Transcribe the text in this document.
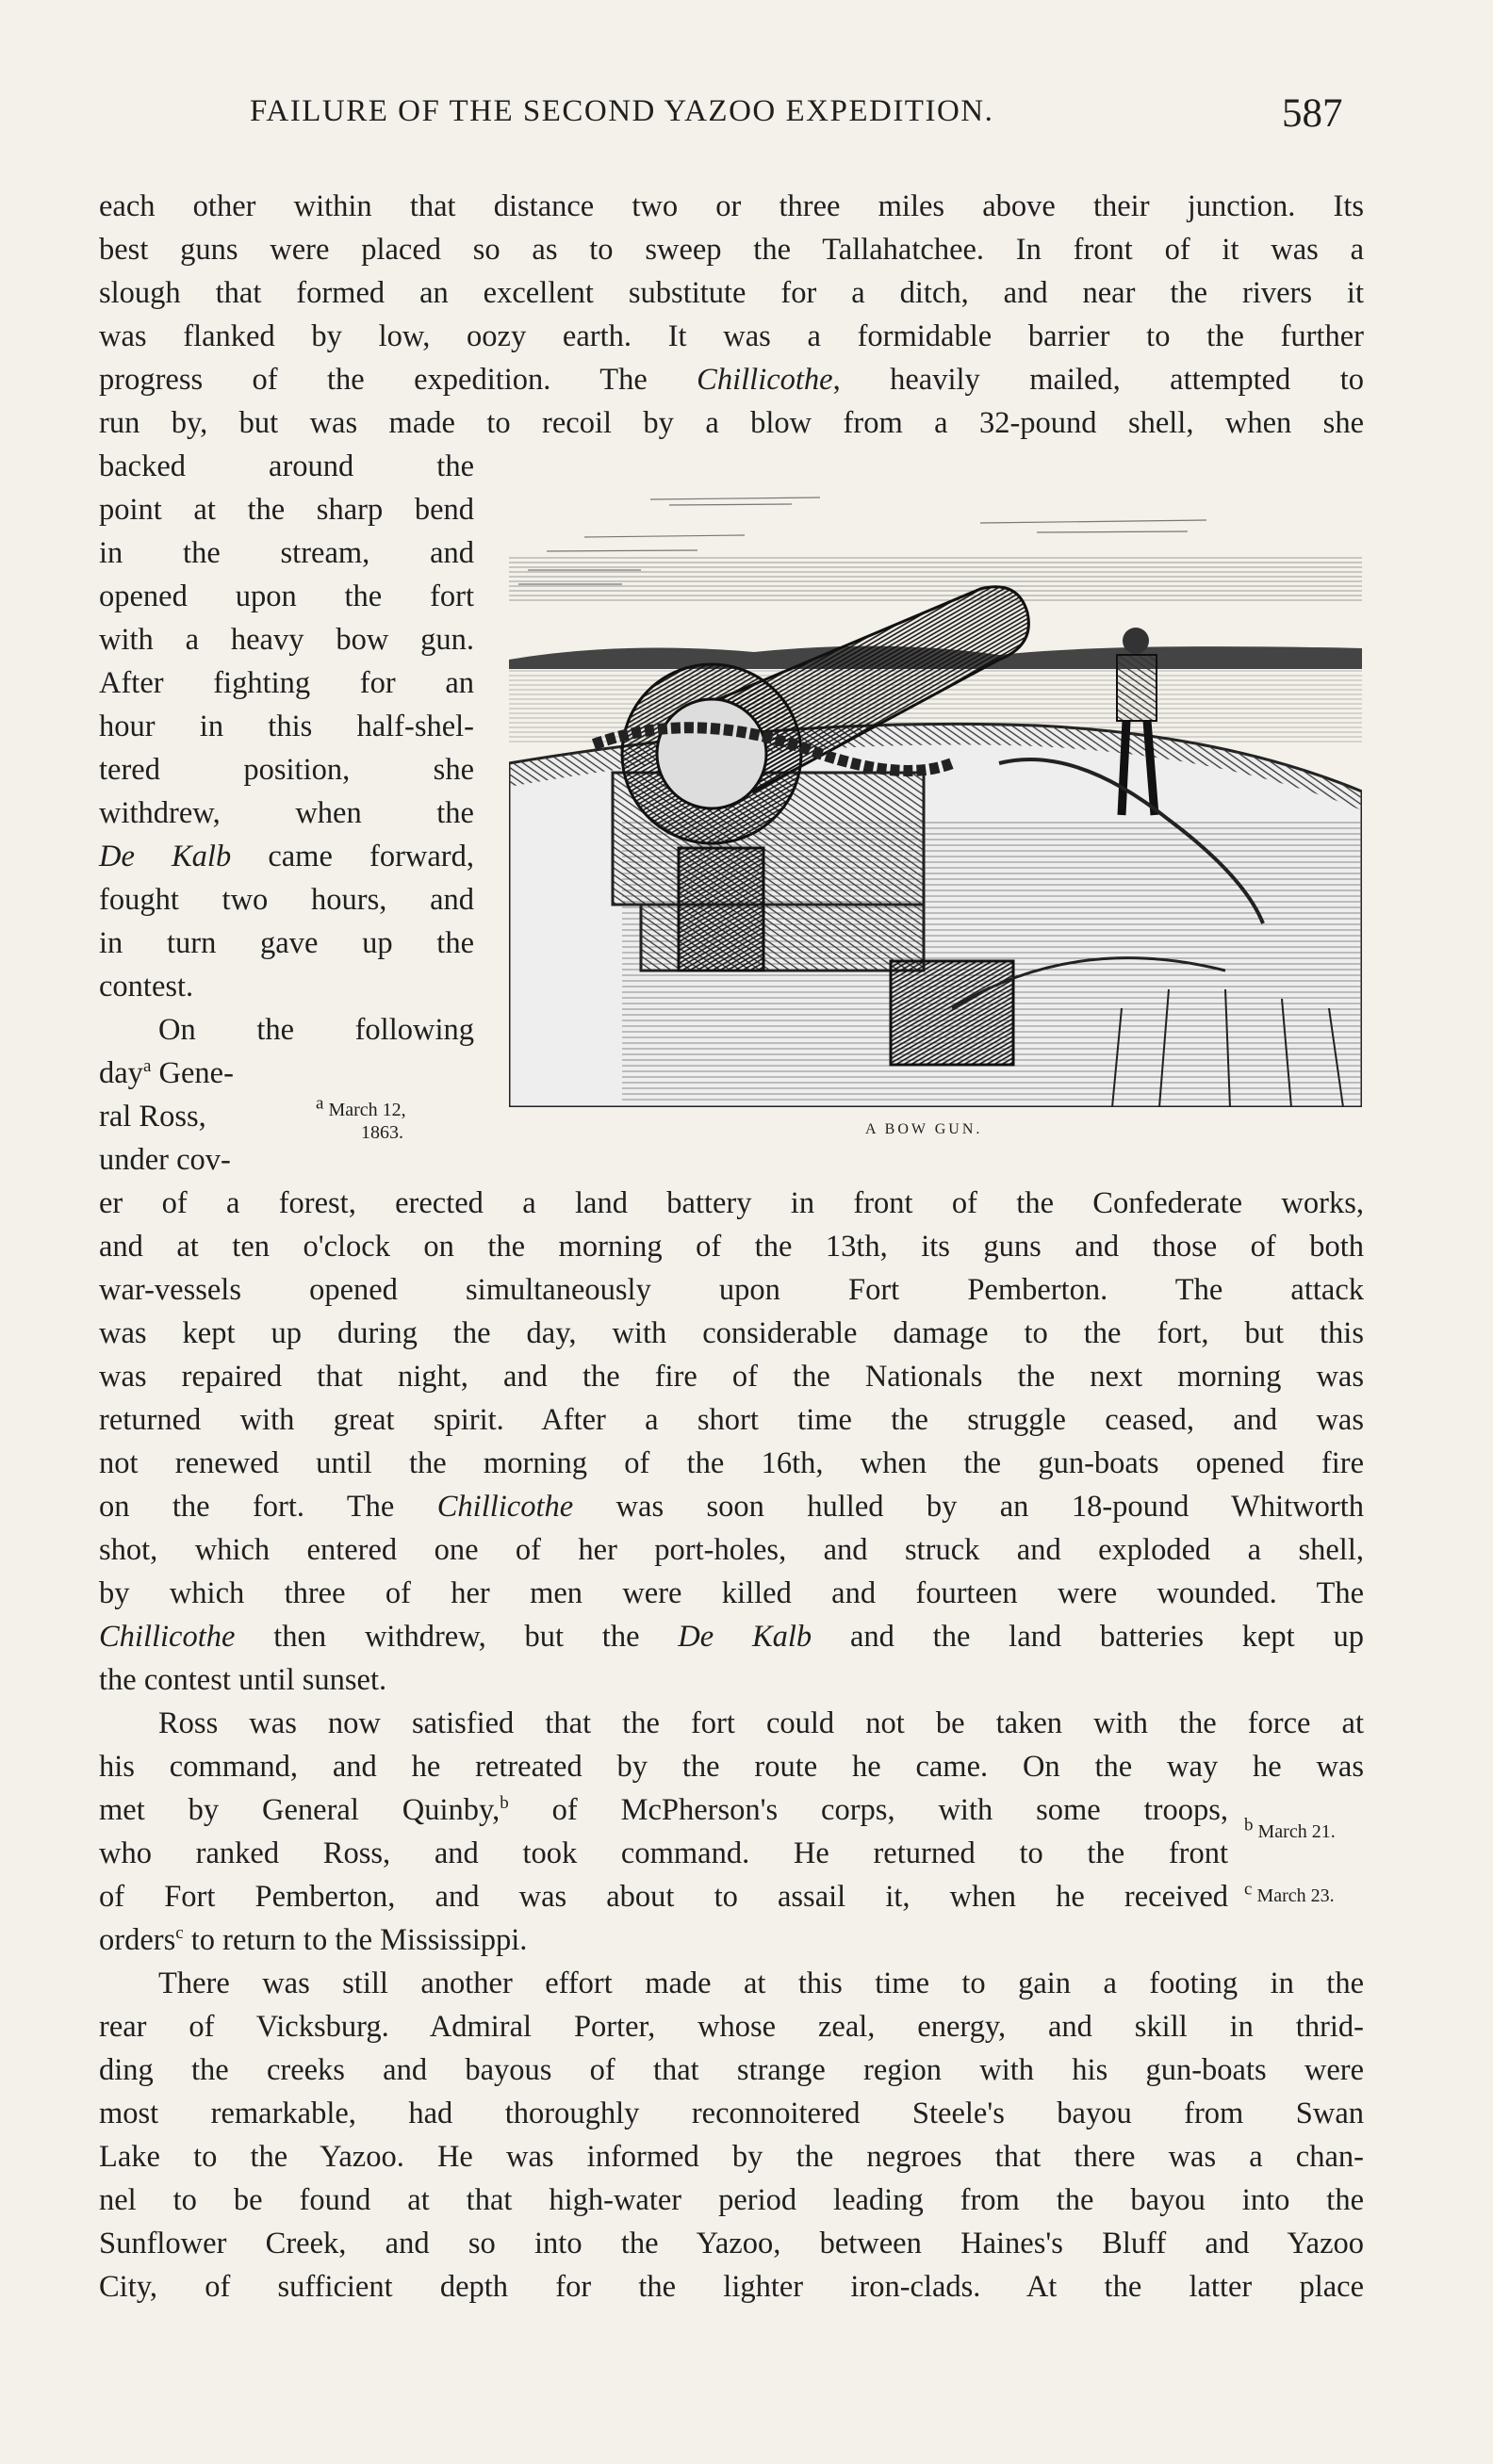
FAILURE OF THE SECOND YAZOO EXPEDITION.	587
each other within that distance two or three miles above their junction. Its
best guns were placed so as to sweep the Tallahatchee. In front of it was a
slough that formed an excellent substitute for a ditch, and near the rivers it
was flanked by low, oozy earth. It was a formidable barrier to the further
progress of the expedition. The Chillicothe, heavily mailed, attempted to
run by, but was made to recoil by a blow from a 32-pound shell, when she
backed around the
point at the sharp bend
in the stream, and
opened upon the fort
with a heavy bow gun.
After fighting for an
hour in this half-shel-
tered position, she
withdrew, when the
De Kalb came forward,
fought two hours, and
in turn gave up the
contest.
On the following
day$^a$ Gene-
ral Ross,
under cov-
$^a$ March 12,
1863.	A BOW GUN.
er of a forest, erected a land battery in front of the Confederate works,
and at ten o'clock on the morning of the 13th, its guns and those of both
war-vessels opened simultaneously upon Fort Pemberton. The attack
was kept up during the day, with considerable damage to the fort, but this
was repaired that night, and the fire of the Nationals the next morning was
returned with great spirit. After a short time the struggle ceased, and was
not renewed until the morning of the 16th, when the gun-boats opened fire
on the fort. The Chillicothe was soon hulled by an 18-pound Whitworth
shot, which entered one of her port-holes, and struck and exploded a shell,
by which three of her men were killed and fourteen were wounded. The
Chillicothe then withdrew, but the De Kalb and the land batteries kept up
the contest until sunset.
Ross was now satisfied that the fort could not be taken with the force at
his command, and he retreated by the route he came. On the way he was
met by General Quinby,$^b$ of McPherson's corps, with some troops,
who ranked Ross, and took command. He returned to the front
of Fort Pemberton, and was about to assail it, when he received
orders$^c$ to return to the Mississippi.
$^b$ March 21.
$^c$ March 23.
There was still another effort made at this time to gain a footing in the
rear of Vicksburg. Admiral Porter, whose zeal, energy, and skill in thrid-
ding the creeks and bayous of that strange region with his gun-boats were
most remarkable, had thoroughly reconnoitered Steele's bayou from Swan
Lake to the Yazoo. He was informed by the negroes that there was a chan-
nel to be found at that high-water period leading from the bayou into the
Sunflower Creek, and so into the Yazoo, between Haines's Bluff and Yazoo
City, of sufficient depth for the lighter iron-clads. At the latter place
